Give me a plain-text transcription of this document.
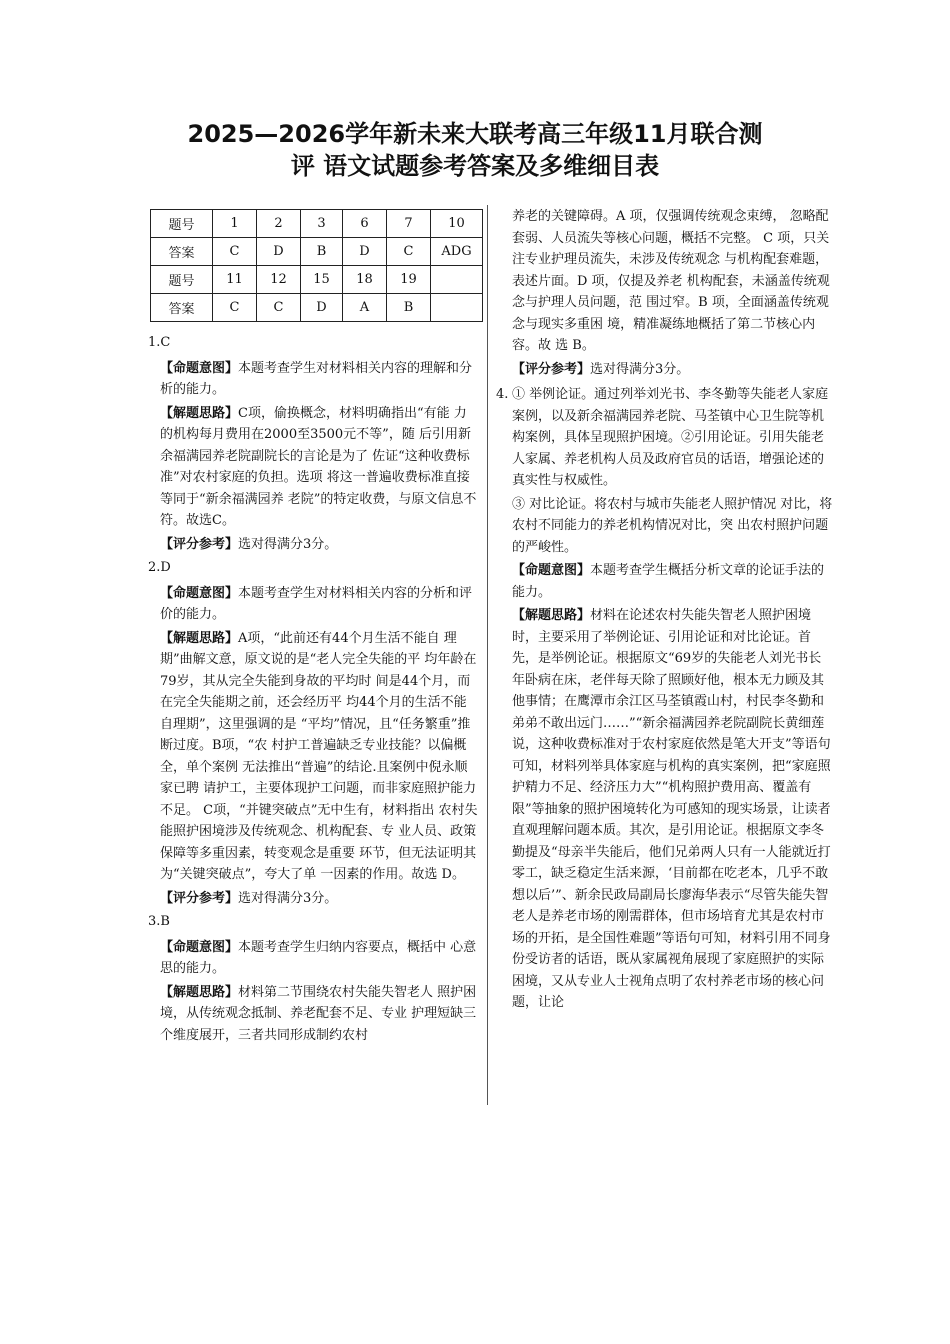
2025—2026学年新未来大联考高三年级11月联合测
评 语文试题参考答案及多维细目表
题号	1	2	3	6	7	10
答案	C	D	B	D	C	ADG
题号	11	12	15	18	19	
答案	C	C	D	A	B	

1.C

【命题意图】本题考查学生对材料相关内容的理解和分析的能力。

【解题思路】C项，偷换概念，材料明确指出“有能 力的机构每月费用在2000至3500元不等”，随 后引用新余福满园养老院副院长的言论是为了 佐证“这种收费标准”对农村家庭的负担。选项 将这一普遍收费标准直接等同于“新余福满园养 老院”的特定收费，与原文信息不符。故选C。

【评分参考】选对得满分3分。

2.D

【命题意图】本题考查学生对材料相关内容的分析和评价的能力。

【解题思路】A项，“此前还有44个月生活不能自 理期”曲解文意，原文说的是“老人完全失能的平 均年龄在79岁，其从完全失能到身故的平均时 间是44个月，而在完全失能期之前，还会经历平 均44个月的生活不能自理期”，这里强调的是 “平均”情况，且“任务繁重”推断过度。B项，“农 村护工普遍缺乏专业技能？以偏概全，单个案例 无法推出“普遍”的结论.且案例中倪永顺家已聘 请护工，主要体现护工问题，而非家庭照护能力 不足。 C项，“并键突破点”无中生有，材料指出 农村失能照护困境涉及传统观念、机构配套、专 业人员、政策保障等多重因素，转变观念是重要 环节，但无法证明其为“关键突破点”，夸大了单 一因素的作用。故选 D。

【评分参考】选对得满分3分。

3.B

【命题意图】本题考查学生归纳内容要点，概括中 心意思的能力。

【解题思路】材料第二节围绕农村失能失智老人 照护困境，从传统观念抵制、养老配套不足、专业 护理短缺三个维度展开，三者共同形成制约农村

养老的关键障碍。A 项，仅强调传统观念束缚， 忽略配套弱、人员流失等核心问题，概括不完整。 C 项，只关注专业护理员流失，未涉及传统观念 与机构配套难题，表述片面。D 项，仅提及养老 机构配套，未涵盖传统观念与护理人员问题，范 围过窄。B 项，全面涵盖传统观念与现实多重困 境，精准凝练地概括了第二节核心内容。故 选 B。

【评分参考】选对得满分3分。

4. ① 举例论证。通过列举刘光书、李冬勤等失能老人家庭案例，以及新余福满园养老院、马荃镇中心卫生院等机构案例，具体呈现照护困境。②引用论证。引用失能老人家属、养老机构人员及政府官员的话语，增强论述的真实性与权威性。

③ 对比论证。将农村与城市失能老人照护情况 对比，将农村不同能力的养老机构情况对比，突 出农村照护问题的严峻性。

【命题意图】本题考查学生概括分析文章的论证手法的能力。

【解题思路】材料在论述农村失能失智老人照护困境时，主要采用了举例论证、引用论证和对比论证。首先，是举例论证。根据原文“69岁的失能老人刘光书长年卧病在床，老伴每天除了照顾好他，根本无力顾及其他事情；在鹰潭市余江区马荃镇霞山村，村民李冬勤和弟弟不敢出远门……”“新余福满园养老院副院长黄细莲说，这种收费标准对于农村家庭依然是笔大开支”等语句可知，材料列举具体家庭与机构的真实案例，把“家庭照护精力不足、经济压力大”“机构照护费用高、覆盖有限”等抽象的照护困境转化为可感知的现实场景，让读者直观理解问题本质。其次，是引用论证。根据原文李冬勤提及“母亲半失能后，他们兄弟两人只有一人能就近打零工，缺乏稳定生活来源，‘目前都在吃老本，几乎不敢想以后’”、新余民政局副局长廖海华表示“尽管失能失智老人是养老市场的刚需群体，但市场培育尤其是农村市场的开拓，是全国性难题”等语句可知，材料引用不同身份受访者的话语，既从家属视角展现了家庭照护的实际困境，又从专业人士视角点明了农村养老市场的核心问题，让论
